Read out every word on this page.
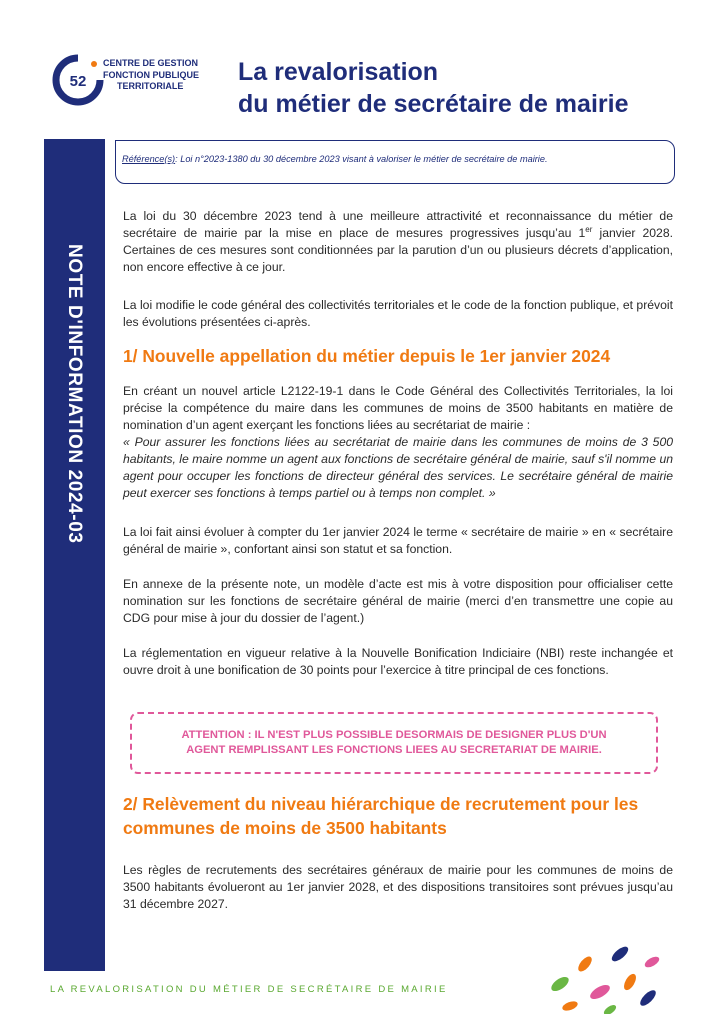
52
CENTRE DE GESTION
FONCTION PUBLIQUE
TERRITORIALE	La revalorisation
du métier de secrétaire de mairie
NOTE D'INFORMATION 2024-03

Référence(s): Loi n°2023-1380 du 30 décembre 2023 visant à valoriser le métier de secrétaire de mairie.

La loi du 30 décembre 2023 tend à une meilleure attractivité et reconnaissance du métier de secrétaire de mairie par la mise en place de mesures progressives jusqu’au 1er janvier 2028. Certaines de ces mesures sont conditionnées par la parution d’un ou plusieurs décrets d’application, non encore effective à ce jour.

La loi modifie le code général des collectivités territoriales et le code de la fonction publique, et prévoit les évolutions présentées ci-après.

1/ Nouvelle appellation du métier depuis le 1er janvier 2024

En créant un nouvel article L2122-19-1 dans le Code Général des Collectivités Territoriales, la loi précise la compétence du maire dans les communes de moins de 3500 habitants en matière de nomination d’un agent exerçant les fonctions liées au secrétariat de mairie :

« Pour assurer les fonctions liées au secrétariat de mairie dans les communes de moins de 3 500 habitants, le maire nomme un agent aux fonctions de secrétaire général de mairie, sauf s'il nomme un agent pour occuper les fonctions de directeur général des services. Le secrétaire général de mairie peut exercer ses fonctions à temps partiel ou à temps non complet. »

La loi fait ainsi évoluer à compter du 1er janvier 2024 le terme « secrétaire de mairie » en « secrétaire général de mairie », confortant ainsi son statut et sa fonction.

En annexe de la présente note, un modèle d’acte est mis à votre disposition pour officialiser cette nomination sur les fonctions de secrétaire général de mairie (merci d’en transmettre une copie au CDG pour mise à jour du dossier de l’agent.)

La réglementation en vigueur relative à la Nouvelle Bonification Indiciaire (NBI) reste inchangée et ouvre droit à une bonification de 30 points pour l’exercice à titre principal de ces fonctions.

ATTENTION : IL N'EST PLUS POSSIBLE DESORMAIS DE DESIGNER PLUS D'UN
AGENT REMPLISSANT LES FONCTIONS LIEES AU SECRETARIAT DE MAIRIE.

2/ Relèvement du niveau hiérarchique de recrutement pour les communes de moins de 3500 habitants

Les règles de recrutements des secrétaires généraux de mairie pour les communes de moins de 3500 habitants évolueront au 1er janvier 2028, et des dispositions transitoires sont prévues jusqu’au 31 décembre 2027.

LA REVALORISATION DU MÉTIER DE SECRÉTAIRE DE MAIRIE
